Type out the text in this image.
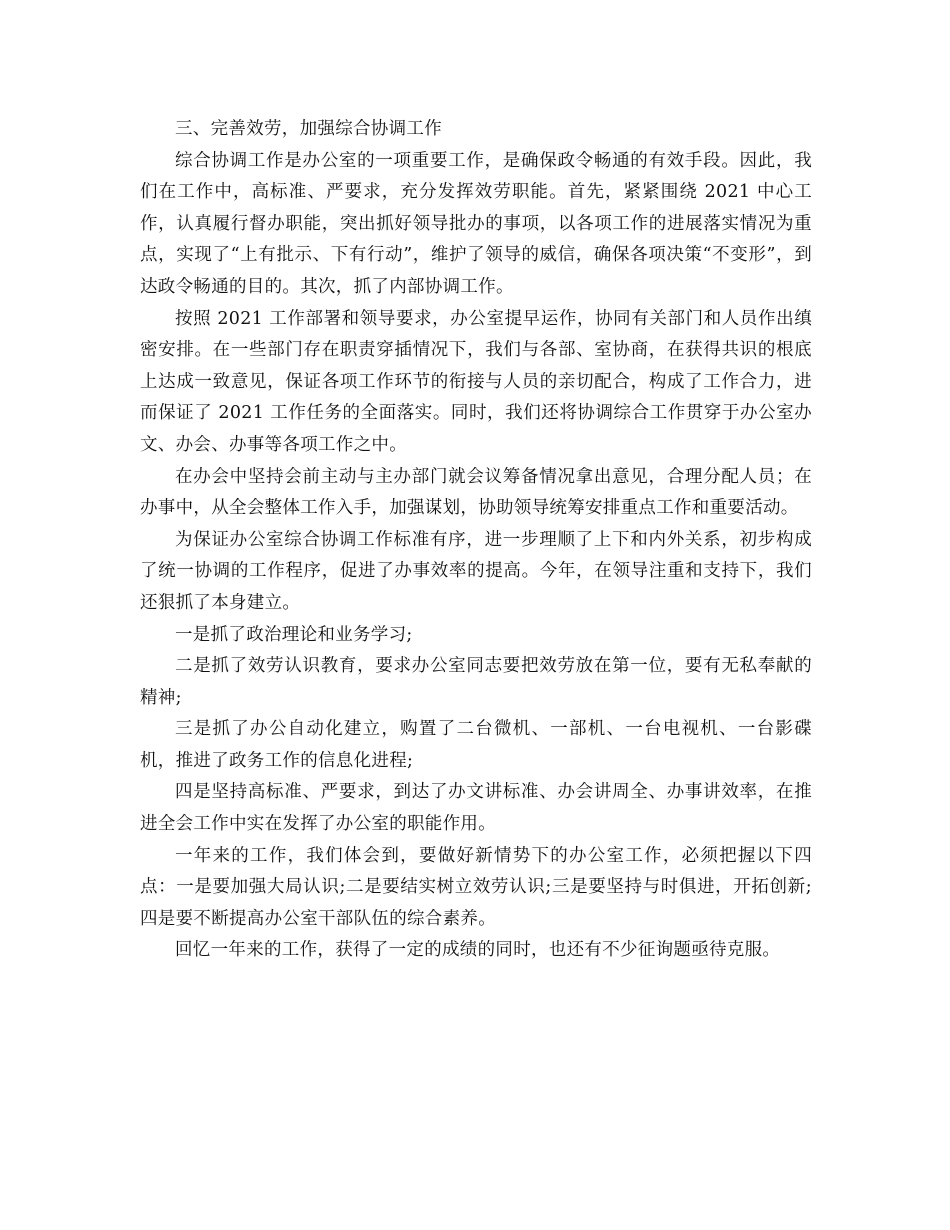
三、完善效劳，加强综合协调工作

综合协调工作是办公室的一项重要工作，是确保政令畅通的有效手段。因此，我们在工作中，高标准、严要求，充分发挥效劳职能。首先，紧紧围绕 2021 中心工作，认真履行督办职能，突出抓好领导批办的事项，以各项工作的进展落实情况为重点，实现了“上有批示、下有行动”，维护了领导的威信，确保各项决策“不变形”，到达政令畅通的目的。其次，抓了内部协调工作。

按照 2021 工作部署和领导要求，办公室提早运作，协同有关部门和人员作出缜密安排。在一些部门存在职责穿插情况下，我们与各部、室协商，在获得共识的根底上达成一致意见，保证各项工作环节的衔接与人员的亲切配合，构成了工作合力，进而保证了 2021 工作任务的全面落实。同时，我们还将协调综合工作贯穿于办公室办文、办会、办事等各项工作之中。

在办会中坚持会前主动与主办部门就会议筹备情况拿出意见，合理分配人员；在办事中，从全会整体工作入手，加强谋划，协助领导统筹安排重点工作和重要活动。

为保证办公室综合协调工作标准有序，进一步理顺了上下和内外关系，初步构成了统一协调的工作程序，促进了办事效率的提高。今年，在领导注重和支持下，我们还狠抓了本身建立。

一是抓了政治理论和业务学习;

二是抓了效劳认识教育，要求办公室同志要把效劳放在第一位，要有无私奉献的精神;

三是抓了办公自动化建立，购置了二台微机、一部机、一台电视机、一台影碟机，推进了政务工作的信息化进程;

四是坚持高标准、严要求，到达了办文讲标准、办会讲周全、办事讲效率，在推进全会工作中实在发挥了办公室的职能作用。

一年来的工作，我们体会到，要做好新情势下的办公室工作，必须把握以下四点：一是要加强大局认识;二是要结实树立效劳认识;三是要坚持与时俱进，开拓创新;四是要不断提高办公室干部队伍的综合素养。

回忆一年来的工作，获得了一定的成绩的同时，也还有不少征询题亟待克服。
